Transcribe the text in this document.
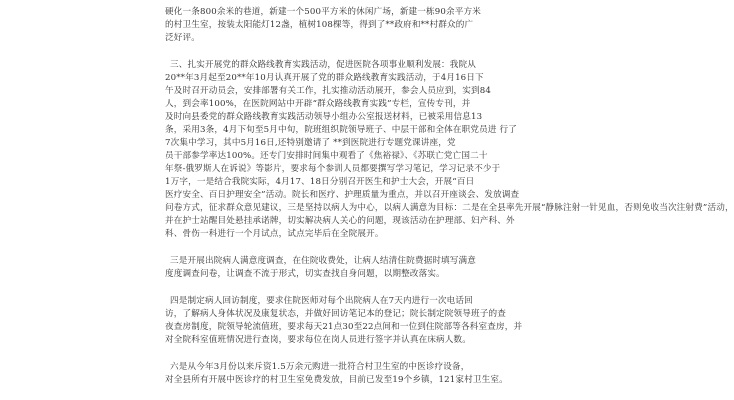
硬化一条800余米的巷道，新建一个500平方米的休闲广场，新建一栋90余平方米
的村卫生室，按装太阳能灯12盏，植树108棵等，得到了**政府和**村群众的广
泛好评。
三、扎实开展党的群众路线教育实践活动，促进医院各项事业顺利发展：我院从
20**年3月起至20**年10月认真开展了党的群众路线教育实践活动，于4月16日下
午及时召开动员会，安排部署有关工作，扎实推动活动展开，参会人员应到，实到84
人，到会率100%，在医院网站中开辟“群众路线教育实践”专栏，宣传专刊，并
及时向县委党的群众路线教育实践活动领导小组办公室报送材料，已被采用信息13
条，采用3条，4月下旬至5月中旬，院班组织院领导班子、中层干部和全体在职党员进 行了
7次集中学习，其中5月16日,还特别邀请了 **到医院进行专题党课讲座，党
员干部参学率达100%。还专门安排时间集中观看了《焦裕禄》、《苏联亡党亡国二十
年祭-俄罗斯人在诉说》等影片，要求每个参训人员都要撰写学习笔记，学习记录不少于
1万字，一是结合我院实际，4月17、18日分别召开医生和护士大会，开展“百日
医疗安全、百日护理安全”活动。院长和医疗、护理质量为重点，并以召开座谈会、发放调查
问卷方式，征求群众意见建议，三是坚持以病人为中心，以病人满意为目标：二是在全县率先开展“静脉注射一针见血，否则免收当次注射费”活动，
并在护士站醒目处悬挂承诺牌，切实解决病人关心的问题，现该活动在护理部、妇产科、外
科、骨伤一科进行一个月试点，试点完毕后在全院展开。
三是开展出院病人满意度调查，在住院收费处，让病人结清住院费据时填写满意
度度调查问卷，让调查不流于形式，切实查找自身问题，以期整改落实。
四是制定病人回访制度，要求住院医师对每个出院病人在7天内进行一次电话回
访，了解病人身体状况及康复状态，并做好回访笔记本的登记；院长制定院领导班子的查
夜查房制度，院领导轮流值班，要求每天21点30至22点间和一位到住院部等各科室查房，并
对全院科室值班情况进行查岗，要求每位在岗人员进行签字并认真在床病人数。
六是从今年3月份以来斥资1.5万余元购进一批符合村卫生室的中医诊疗设备，
对全县所有开展中医诊疗的村卫生室免费发放，目前已发至19个乡镇，121家村卫生室。
